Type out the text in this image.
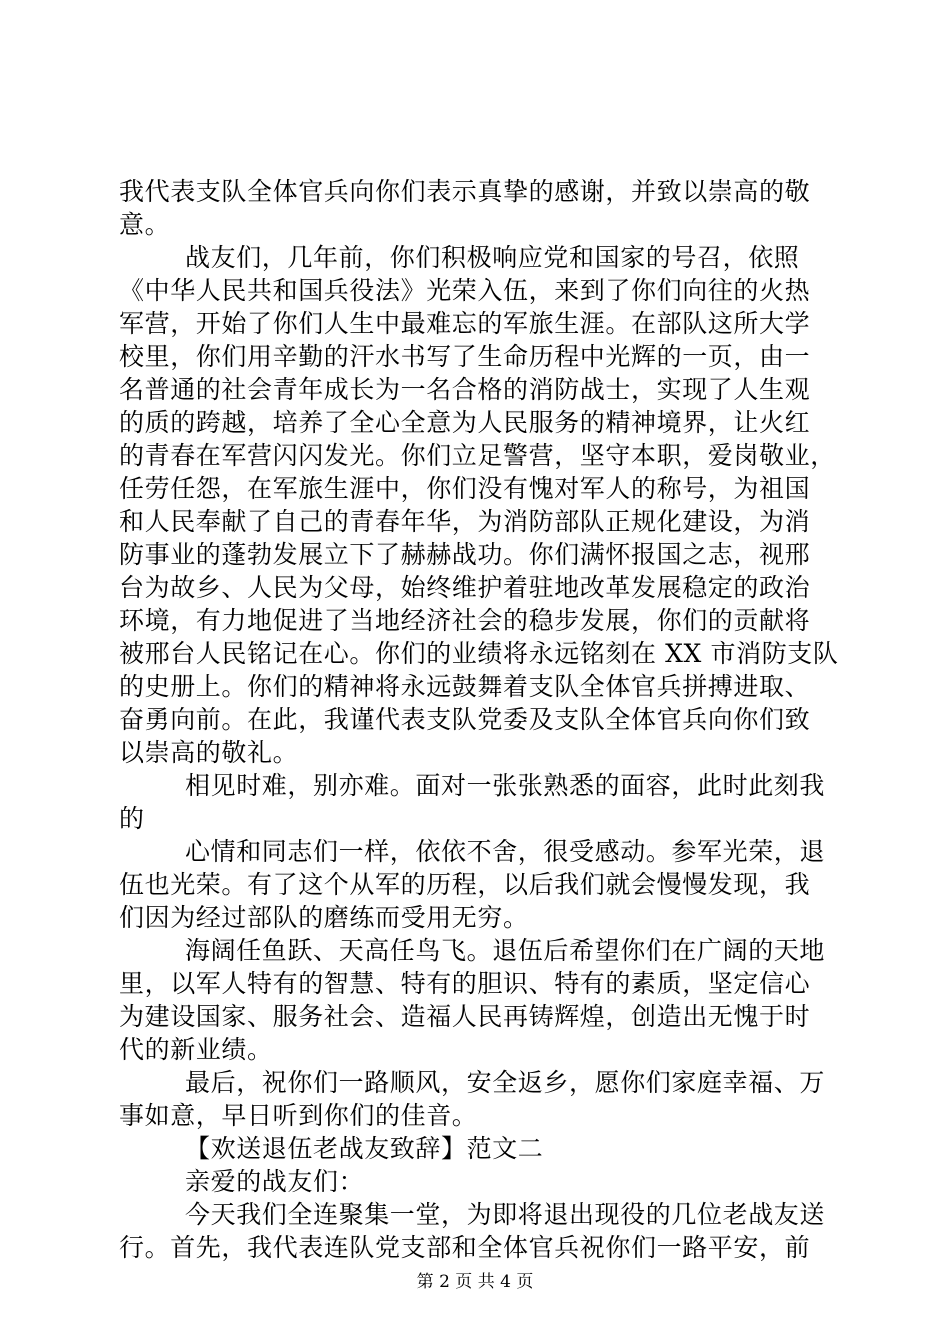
我代表支队全体官兵向你们表示真挚的感谢，并致以崇高的敬
意。
战友们，几年前，你们积极响应党和国家的号召，依照
《中华人民共和国兵役法》光荣入伍，来到了你们向往的火热
军营，开始了你们人生中最难忘的军旅生涯。在部队这所大学
校里，你们用辛勤的汗水书写了生命历程中光辉的一页，由一
名普通的社会青年成长为一名合格的消防战士，实现了人生观
的质的跨越，培养了全心全意为人民服务的精神境界，让火红
的青春在军营闪闪发光。你们立足警营，坚守本职，爱岗敬业，
任劳任怨，在军旅生涯中，你们没有愧对军人的称号，为祖国
和人民奉献了自己的青春年华，为消防部队正规化建设，为消
防事业的蓬勃发展立下了赫赫战功。你们满怀报国之志，视邢
台为故乡、人民为父母，始终维护着驻地改革发展稳定的政治
环境，有力地促进了当地经济社会的稳步发展，你们的贡献将
被邢台人民铭记在心。你们的业绩将永远铭刻在 XX 市消防支队
的史册上。你们的精神将永远鼓舞着支队全体官兵拼搏进取、
奋勇向前。在此，我谨代表支队党委及支队全体官兵向你们致
以崇高的敬礼。
相见时难，别亦难。面对一张张熟悉的面容，此时此刻我
的
心情和同志们一样，依依不舍，很受感动。参军光荣，退
伍也光荣。有了这个从军的历程，以后我们就会慢慢发现，我
们因为经过部队的磨练而受用无穷。
海阔任鱼跃、天高任鸟飞。退伍后希望你们在广阔的天地
里，以军人特有的智慧、特有的胆识、特有的素质，坚定信心
为建设国家、服务社会、造福人民再铸辉煌，创造出无愧于时
代的新业绩。
最后，祝你们一路顺风，安全返乡，愿你们家庭幸福、万
事如意，早日听到你们的佳音。
【欢送退伍老战友致辞】范文二
亲爱的战友们：
今天我们全连聚集一堂，为即将退出现役的几位老战友送
行。首先，我代表连队党支部和全体官兵祝你们一路平安，前
第 2 页 共 4 页
